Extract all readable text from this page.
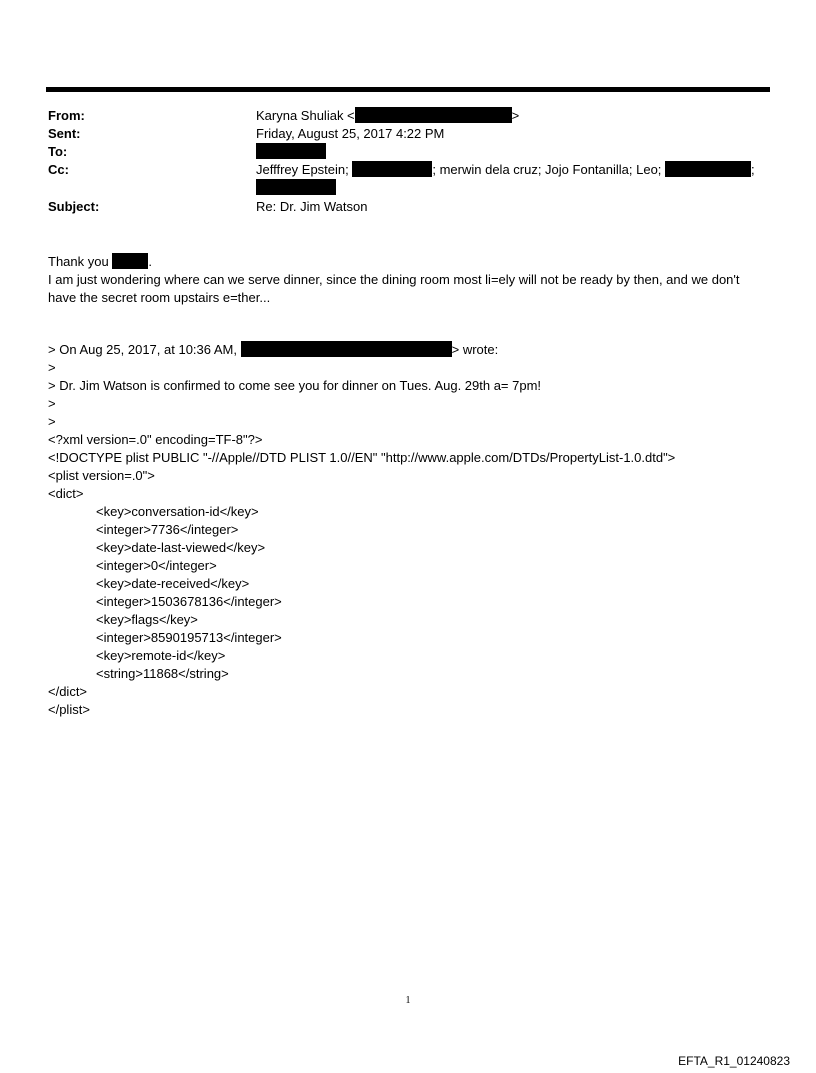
From:	Karyna Shuliak <	>
Sent:	Friday, August 25, 2017 4:22 PM
To:
Cc:	Jefffrey Epstein;	; merwin dela cruz; Jojo Fontanilla; Leo;	;

Subject:	Re: Dr. Jim Watson
Thank you	.
I am just wondering where can we serve dinner, since the dining room most li=ely will not be ready by then, and we don't have the secret room upstairs e=ther...
> On Aug 25, 2017, at 10:36 AM,	> wrote:
>
> Dr. Jim Watson is confirmed to come see you for dinner on Tues. Aug. 29th a= 7pm!
>
>
<?xml version=.0" encoding=TF-8"?>
<!DOCTYPE plist PUBLIC "-//Apple//DTD PLIST 1.0//EN" "http://www.apple.com/DTDs/PropertyList-1.0.dtd">
<plist version=.0">
<dict>
<key>conversation-id</key>
<integer>7736</integer>
<key>date-last-viewed</key>
<integer>0</integer>
<key>date-received</key>
<integer>1503678136</integer>
<key>flags</key>
<integer>8590195713</integer>
<key>remote-id</key>
<string>11868</string>
</dict>
</plist>
1
EFTA_R1_01240823
